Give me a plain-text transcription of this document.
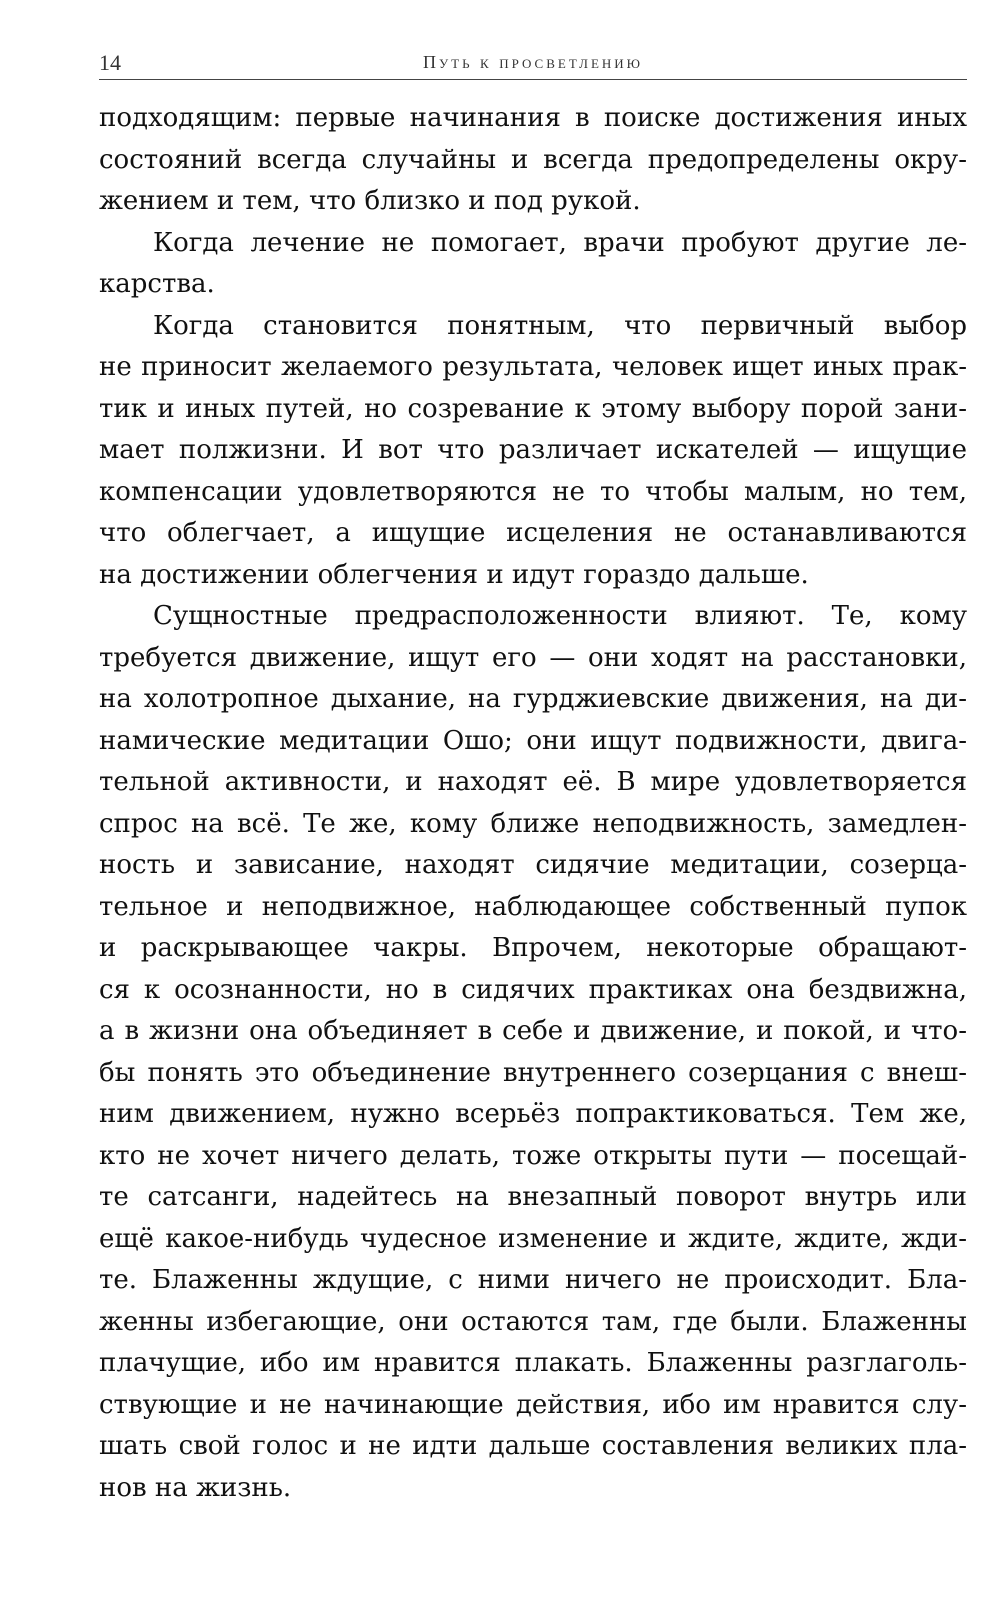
14	Путь к просветлению
подходящим: первые начинания в поиске достижения иных
состояний всегда случайны и всегда предопределены окру-
жением и тем, что близко и под рукой.
Когда лечение не помогает, врачи пробуют другие ле-
карства.
Когда становится понятным, что первичный выбор
не приносит желаемого результата, человек ищет иных прак-
тик и иных путей, но созревание к этому выбору порой зани-
мает полжизни. И вот что различает искателей — ищущие
компенсации удовлетворяются не то чтобы малым, но тем,
что облегчает, а ищущие исцеления не останавливаются
на достижении облегчения и идут гораздо дальше.
Сущностные предрасположенности влияют. Те, кому
требуется движение, ищут его — они ходят на расстановки,
на холотропное дыхание, на гурджиевские движения, на ди-
намические медитации Ошо; они ищут подвижности, двига-
тельной активности, и находят её. В мире удовлетворяется
спрос на всё. Те же, кому ближе неподвижность, замедлен-
ность и зависание, находят сидячие медитации, созерца-
тельное и неподвижное, наблюдающее собственный пупок
и раскрывающее чакры. Впрочем, некоторые обращают-
ся к осознанности, но в сидячих практиках она бездвижна,
а в жизни она объединяет в себе и движение, и покой, и что-
бы понять это объединение внутреннего созерцания с внеш-
ним движением, нужно всерьёз попрактиковаться. Тем же,
кто не хочет ничего делать, тоже открыты пути — посещай-
те сатсанги, надейтесь на внезапный поворот внутрь или
ещё какое-нибудь чудесное изменение и ждите, ждите, жди-
те. Блаженны ждущие, с ними ничего не происходит. Бла-
женны избегающие, они остаются там, где были. Блаженны
плачущие, ибо им нравится плакать. Блаженны разглаголь-
ствующие и не начинающие действия, ибо им нравится слу-
шать свой голос и не идти дальше составления великих пла-
нов на жизнь.
